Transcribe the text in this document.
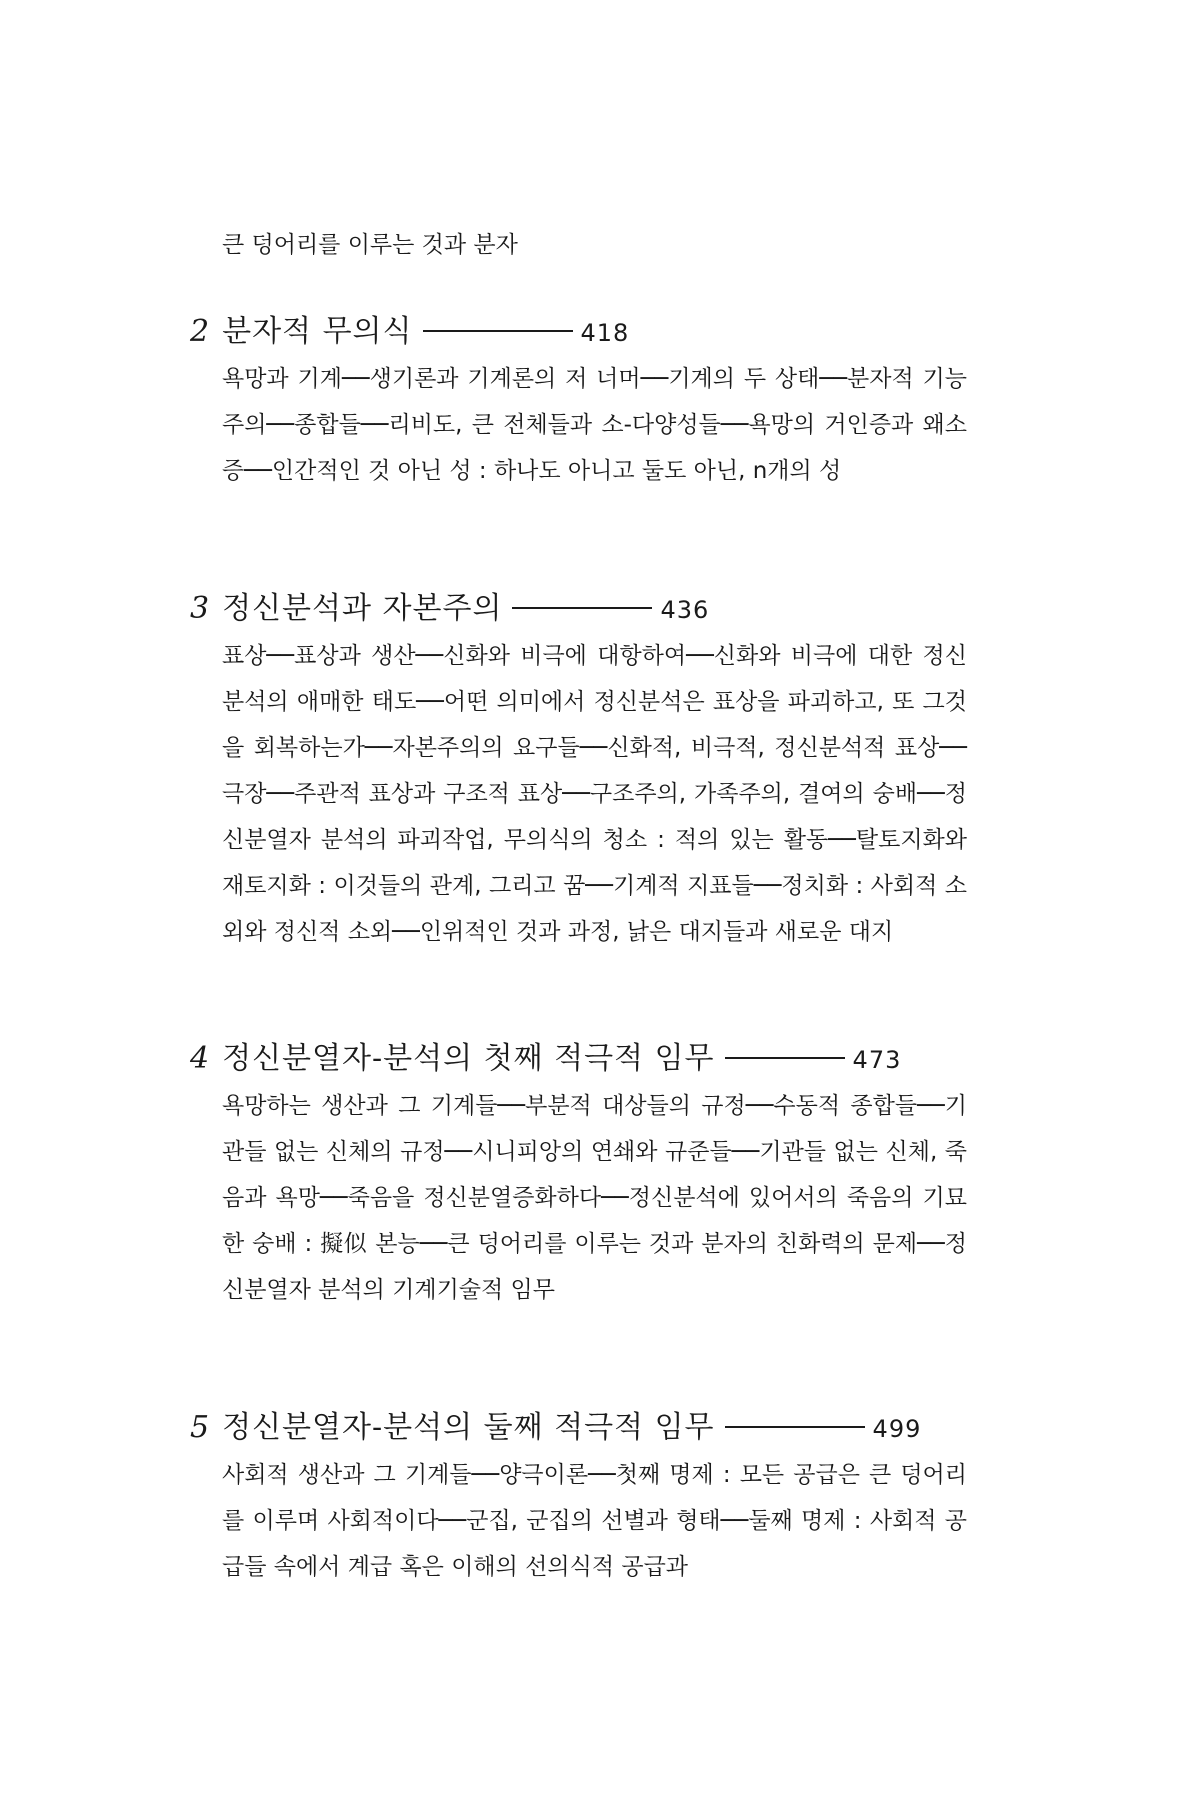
큰 덩어리를 이루는 것과 분자
2 분자적 무의식	418
욕망과 기계──생기론과 기계론의 저 너머──기계의 두 상태──분자적 기능주의──종합들──리비도, 큰 전체들과 소-다양성들──욕망의 거인증과 왜소증──인간적인 것 아닌 성 : 하나도 아니고 둘도 아닌, n개의 성
3 정신분석과 자본주의	436
표상──표상과 생산──신화와 비극에 대항하여──신화와 비극에 대한 정신분석의 애매한 태도──어떤 의미에서 정신분석은 표상을 파괴하고, 또 그것을 회복하는가──자본주의의 요구들──신화적, 비극적, 정신분석적 표상──극장──주관적 표상과 구조적 표상──구조주의, 가족주의, 결여의 숭배──정신분열자 분석의 파괴작업, 무의식의 청소 : 적의 있는 활동──탈토지화와 재토지화 : 이것들의 관계, 그리고 꿈──기계적 지표들──정치화 : 사회적 소외와 정신적 소외──인위적인 것과 과정, 낡은 대지들과 새로운 대지
4 정신분열자-분석의 첫째 적극적 임무	473
욕망하는 생산과 그 기계들──부분적 대상들의 규정──수동적 종합들──기관들 없는 신체의 규정──시니피앙의 연쇄와 규준들──기관들 없는 신체, 죽음과 욕망──죽음을 정신분열증화하다──정신분석에 있어서의 죽음의 기묘한 숭배 : 擬似 본능──큰 덩어리를 이루는 것과 분자의 친화력의 문제──정신분열자 분석의 기계기술적 임무
5 정신분열자-분석의 둘째 적극적 임무	499
사회적 생산과 그 기계들──양극이론──첫째 명제 : 모든 공급은 큰 덩어리를 이루며 사회적이다──군집, 군집의 선별과 형태──둘째 명제 : 사회적 공급들 속에서 계급 혹은 이해의 선의식적 공급과
